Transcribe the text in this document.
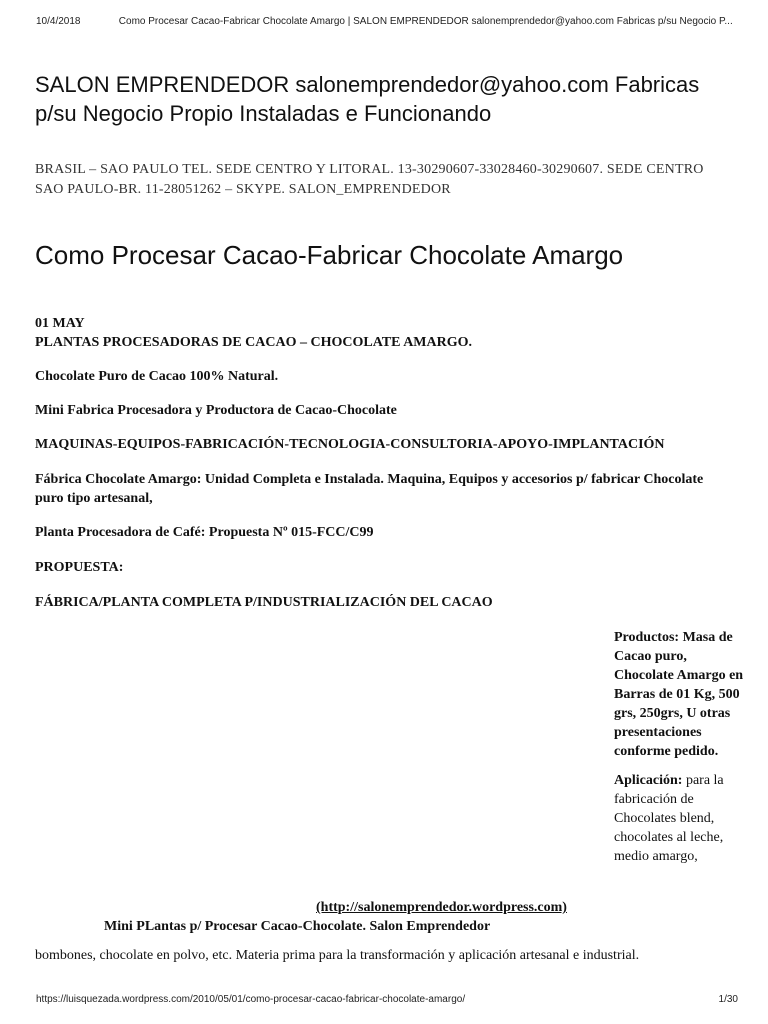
10/4/2018	Como Procesar Cacao-Fabricar Chocolate Amargo | SALON EMPRENDEDOR salonemprendedor@yahoo.com Fabricas p/su Negocio P...
SALON EMPRENDEDOR salonemprendedor@yahoo.com Fabricas p/su Negocio Propio Instaladas e Funcionando

BRASIL – SAO PAULO TEL. SEDE CENTRO Y LITORAL. 13-30290607-33028460-30290607. SEDE CENTRO SAO PAULO-BR. 11-28051262 – SKYPE. SALON_EMPRENDEDOR

Como Procesar Cacao-Fabricar Chocolate Amargo
01 MAY

PLANTAS PROCESADORAS DE CACAO – CHOCOLATE AMARGO.

Chocolate Puro de Cacao 100% Natural.

Mini Fabrica Procesadora y Productora de Cacao-Chocolate

MAQUINAS-EQUIPOS-FABRICACIÓN-TECNOLOGIA-CONSULTORIA-APOYO-IMPLANTACIÓN

Fábrica Chocolate Amargo: Unidad Completa e Instalada. Maquina, Equipos y accesorios p/ fabricar Chocolate puro tipo artesanal,

Planta Procesadora de Café: Propuesta Nº 015-FCC/C99

PROPUESTA:

FÁBRICA/PLANTA COMPLETA P/INDUSTRIALIZACIÓN DEL CACAO

Productos: Masa de Cacao puro, Chocolate Amargo en Barras de 01 Kg, 500 grs, 250grs, U otras presentaciones conforme pedido.

Aplicación: para la fabricación de Chocolates blend, chocolates al leche, medio amargo,

(http://salonemprendedor.wordpress.com)
Mini PLantas p/ Procesar Cacao-Chocolate. Salon Emprendedor

bombones, chocolate en polvo, etc. Materia prima para la transformación y aplicación artesanal e industrial.

https://luisquezada.wordpress.com/2010/05/01/como-procesar-cacao-fabricar-chocolate-amargo/	1/30
